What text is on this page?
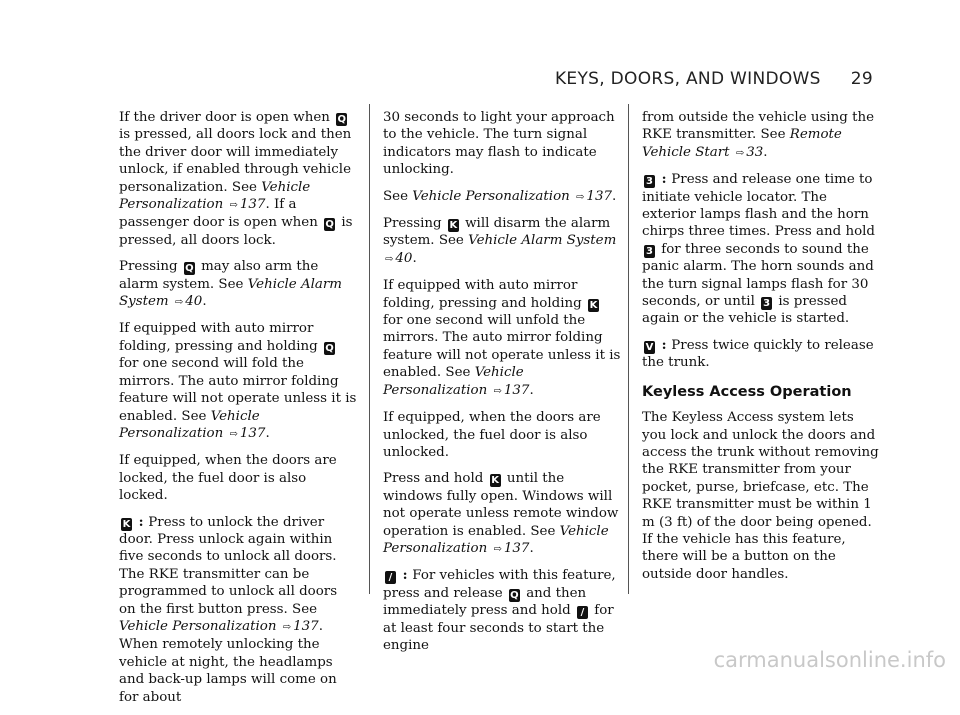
KEYS, DOORS, AND WINDOWS 29

If the driver door is open when Q is pressed, all doors lock and then the driver door will immediately unlock, if enabled through vehicle personalization. See Vehicle Personalization ⇨ 137. If a passenger door is open when Q is pressed, all doors lock.

Pressing Q may also arm the alarm system. See Vehicle Alarm System ⇨ 40.

If equipped with auto mirror folding, pressing and holding Q for one second will fold the mirrors. The auto mirror folding feature will not operate unless it is enabled. See Vehicle Personalization ⇨ 137.

If equipped, when the doors are locked, the fuel door is also locked.

K : Press to unlock the driver door. Press unlock again within five seconds to unlock all doors. The RKE transmitter can be programmed to unlock all doors on the first button press. See Vehicle Personalization ⇨ 137. When remotely unlocking the vehicle at night, the headlamps and back-up lamps will come on for about

30 seconds to light your approach to the vehicle. The turn signal indicators may flash to indicate unlocking.

See Vehicle Personalization ⇨ 137.

Pressing K will disarm the alarm system. See Vehicle Alarm System ⇨ 40.

If equipped with auto mirror folding, pressing and holding K for one second will unfold the mirrors. The auto mirror folding feature will not operate unless it is enabled. See Vehicle Personalization ⇨ 137.

If equipped, when the doors are unlocked, the fuel door is also unlocked.

Press and hold K until the windows fully open. Windows will not operate unless remote window operation is enabled. See Vehicle Personalization ⇨ 137.

/ : For vehicles with this feature, press and release Q and then immediately press and hold / for at least four seconds to start the engine

from outside the vehicle using the RKE transmitter. See Remote Vehicle Start ⇨ 33.

3 : Press and release one time to initiate vehicle locator. The exterior lamps flash and the horn chirps three times. Press and hold 3 for three seconds to sound the panic alarm. The horn sounds and the turn signal lamps flash for 30 seconds, or until 3 is pressed again or the vehicle is started.

V : Press twice quickly to release the trunk.

Keyless Access Operation

The Keyless Access system lets you lock and unlock the doors and access the trunk without removing the RKE transmitter from your pocket, purse, briefcase, etc. The RKE transmitter must be within 1 m (3 ft) of the door being opened. If the vehicle has this feature, there will be a button on the outside door handles.

carmanualsonline.info
